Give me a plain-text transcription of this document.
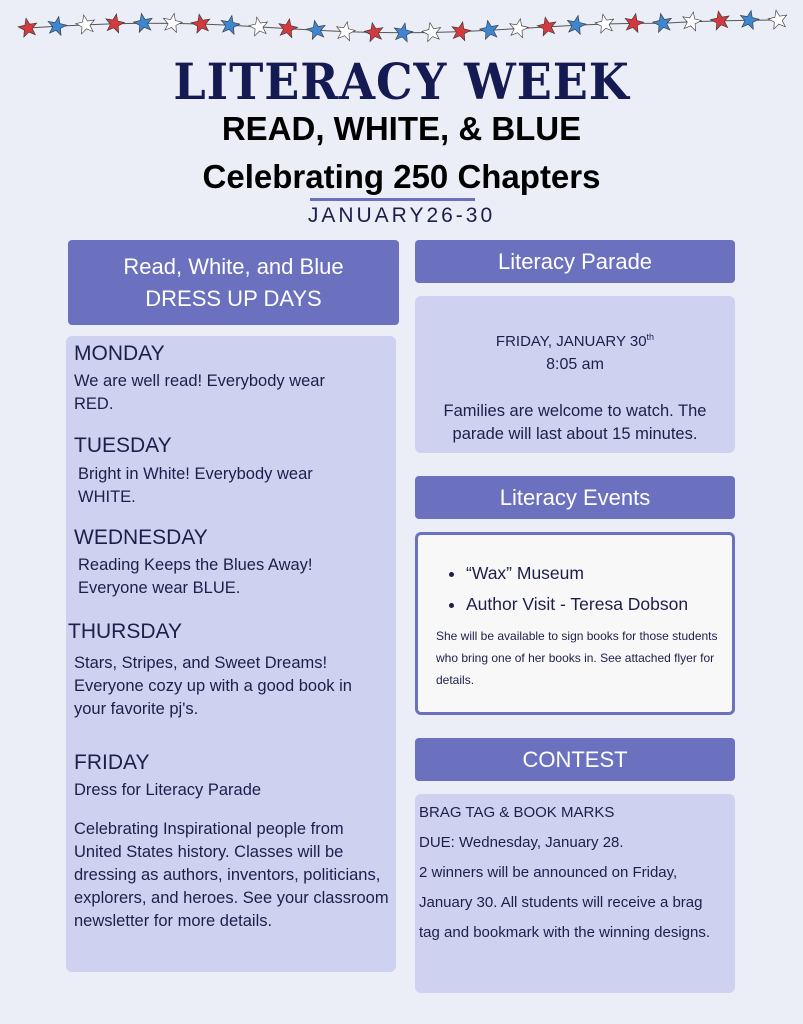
LITERACY WEEK
READ, WHITE, & BLUE
Celebrating 250 Chapters
JANUARY26-30
Read, White, and Blue
DRESS UP DAYS
MONDAY
We are well read! Everybody wear RED.
TUESDAY
Bright in White! Everybody wear WHITE.
WEDNESDAY
Reading Keeps the Blues Away! Everyone wear BLUE.
THURSDAY
Stars, Stripes, and Sweet Dreams! Everyone cozy up with a good book in your favorite pj's.
FRIDAY
Dress for Literacy Parade
Celebrating Inspirational people from United States history. Classes will be dressing as authors, inventors, politicians, explorers, and heroes. See your classroom newsletter for more details.
Literacy Parade
FRIDAY, JANUARY 30th
8:05 am
Families are welcome to watch. The parade will last about 15 minutes.
Literacy Events
• “Wax” Museum
• Author Visit - Teresa Dobson
She will be available to sign books for those students who bring one of her books in. See attached flyer for details.
CONTEST
BRAG TAG & BOOK MARKS
DUE: Wednesday, January 28.
2 winners will be announced on Friday, January 30. All students will receive a brag tag and bookmark with the winning designs.
